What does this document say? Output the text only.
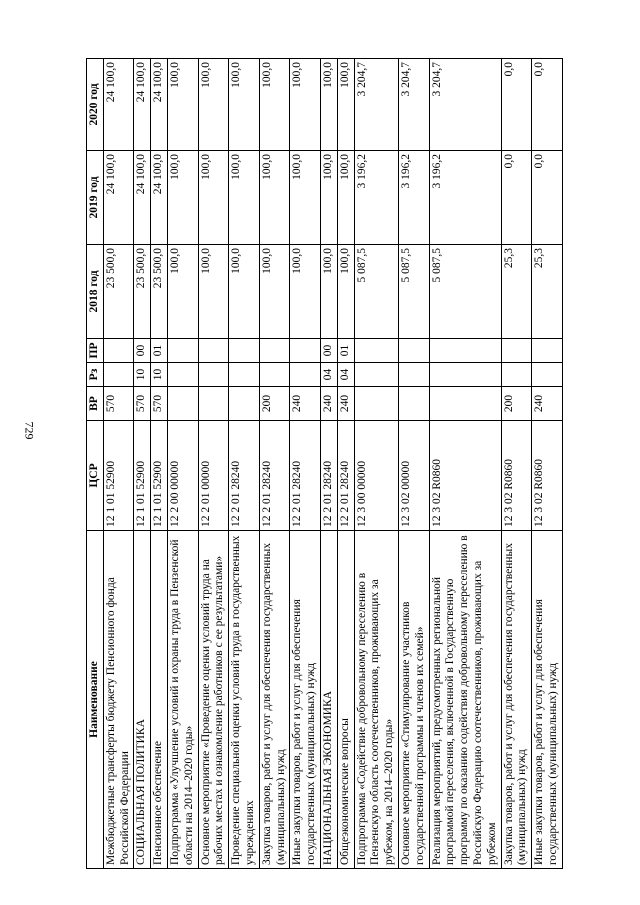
729
Наименование	ЦСР	ВР	Рз	ПР	2018 год	2019 год	2020 год
Межбюджетные трансферты бюджету Пенсионного фонда Российской Федерации	12 1 01 52900	570			23 500,0	24 100,0	24 100,0
СОЦИАЛЬНАЯ ПОЛИТИКА	12 1 01 52900	570	10	00	23 500,0	24 100,0	24 100,0
Пенсионное обеспечение	12 1 01 52900	570	10	01	23 500,0	24 100,0	24 100,0
Подпрограмма «Улучшение условий и охраны труда в Пензенской области на 2014–2020 годы»	12 2 00 00000				100,0	100,0	100,0
Основное мероприятие «Проведение оценки условий труда на рабочих местах и ознакомление работников с ее результатами»	12 2 01 00000				100,0	100,0	100,0
Проведение специальной оценки условий труда в государственных учреждениях	12 2 01 28240				100,0	100,0	100,0
Закупка товаров, работ и услуг для обеспечения государственных (муниципальных) нужд	12 2 01 28240	200			100,0	100,0	100,0
Иные закупки товаров, работ и услуг для обеспечения государственных (муниципальных) нужд	12 2 01 28240	240			100,0	100,0	100,0
НАЦИОНАЛЬНАЯ ЭКОНОМИКА	12 2 01 28240	240	04	00	100,0	100,0	100,0
Общеэкономические вопросы	12 2 01 28240	240	04	01	100,0	100,0	100,0
Подпрограмма «Содействие добровольному переселению в Пензенскую область соотечественников, проживающих за рубежом, на 2014–2020 годы»	12 3 00 00000				5 087,5	3 196,2	3 204,7
Основное мероприятие «Стимулирование участников государственной программы и членов их семей»	12 3 02 00000				5 087,5	3 196,2	3 204,7
Реализация мероприятий, предусмотренных региональной программой переселения, включенной в Государственную программу по оказанию содействия добровольному переселению в Российскую Федерацию соотечественников, проживающих за рубежом	12 3 02 R0860				5 087,5	3 196,2	3 204,7
Закупка товаров, работ и услуг для обеспечения государственных (муниципальных) нужд	12 3 02 R0860	200			25,3	0,0	0,0
Иные закупки товаров, работ и услуг для обеспечения государственных (муниципальных) нужд	12 3 02 R0860	240			25,3	0,0	0,0
